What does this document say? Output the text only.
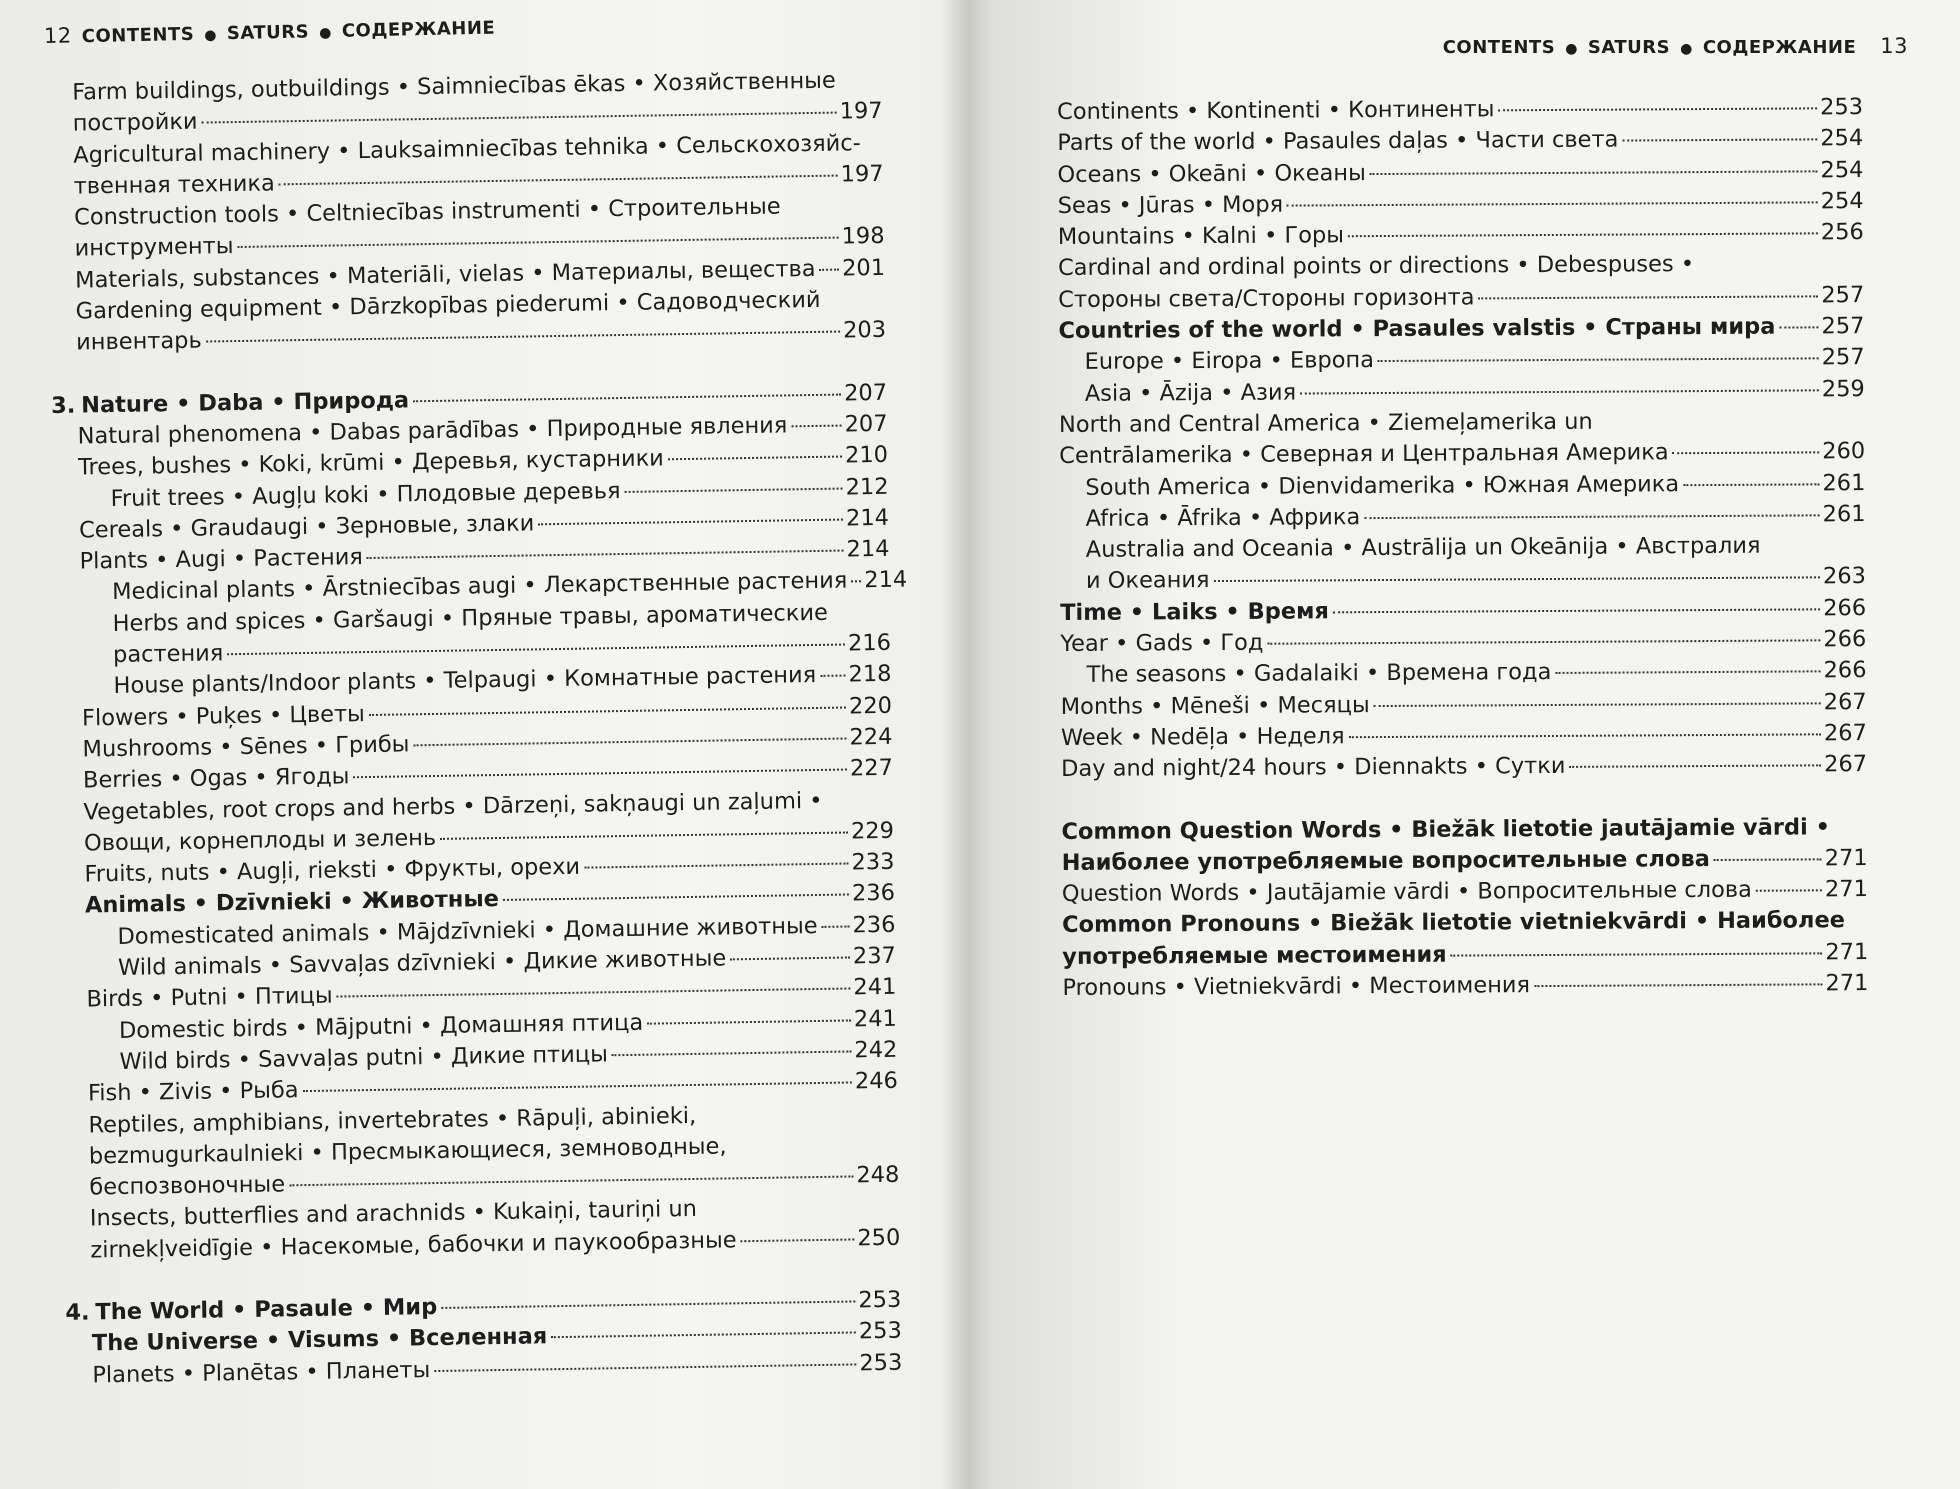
12 CONTENTS ● SATURS ● СОДЕРЖАНИЕ
Farm buildings, outbuildings • Saimniecības ēkas • Хозяйственные
постройки	197
Agricultural machinery • Lauksaimniecības tehnika • Сельскохозяйс-
твенная техника	197
Construction tools • Celtniecības instrumenti • Строительные
инструменты	198
Materials, substances • Materiāli, vielas • Материалы, вещества 201
Gardening equipment • Dārzkopības piederumi • Садоводческий
инвентарь	203
3. Nature • Daba • Природа	207
Natural phenomena • Dabas parādības • Природные явления	207
Trees, bushes • Koki, krūmi • Деревья, кустарники	210
Fruit trees • Augļu koki • Плодовые деревья	212
Cereals • Graudaugi • Зерновые, злаки	214
Plants • Augi • Растения	214
Medicinal plants • Ārstniecības augi • Лекарственные растения 214
Herbs and spices • Garšaugi • Пряные травы, ароматические
растения	216
House plants/Indoor plants • Telpaugi • Комнатные растения 218
Flowers • Puķes • Цветы	220
Mushrooms • Sēnes • Грибы	224
Berries • Ogas • Ягоды	227
Vegetables, root crops and herbs • Dārzeņi, sakņaugi un zaļumi •
Овощи, корнеплоды и зелень	229
Fruits, nuts • Augļi, rieksti • Фрукты, орехи	233
Animals • Dzīvnieki • Животные	236
Domesticated animals • Mājdzīvnieki • Домашние животные 236
Wild animals • Savvaļas dzīvnieki • Дикие животные	237
Birds • Putni • Птицы	241
Domestic birds • Mājputni • Домашняя птица	241
Wild birds • Savvaļas putni • Дикие птицы	242
Fish • Zivis • Рыба	246
Reptiles, amphibians, invertebrates • Rāpuļi, abinieki,
bezmugurkaulnieki • Пресмыкающиеся, земноводные,
беспозвоночные	248
Insects, butterflies and arachnids • Kukaiņi, tauriņi un
zirnekļveidīgie • Насекомые, бабочки и паукообразные	250
4. The World • Pasaule • Мир	253
The Universe • Visums • Вселенная	253
Planets • Planētas • Планеты	253
CONTENTS ● SATURS ● СОДЕРЖАНИЕ 13
Continents • Kontinenti • Континенты	253
Parts of the world • Pasaules daļas • Части света	254
Oceans • Okeāni • Океаны	254
Seas • Jūras • Моря	254
Mountains • Kalni • Горы	256
Cardinal and ordinal points or directions • Debespuses •
Стороны света/Стороны горизонта	257
Countries of the world • Pasaules valstis • Страны мира 257
Europe • Eiropa • Европа	257
Asia • Āzija • Азия	259
North and Central America • Ziemeļamerika un
Centrālamerika • Северная и Центральная Америка	260
South America • Dienvidamerika • Южная Америка	261
Africa • Āfrika • Африка	261
Australia and Oceania • Austrālija un Okeānija • Австралия
и Океания	263
Time • Laiks • Время	266
Year • Gads • Год	266
The seasons • Gadalaiki • Времена года	266
Months • Mēneši • Месяцы	267
Week • Nedēļa • Неделя	267
Day and night/24 hours • Diennakts • Сутки	267
Common Question Words • Biežāk lietotie jautājamie vārdi •
Наиболее употребляемые вопросительные слова	271
Question Words • Jautājamie vārdi • Вопросительные слова	271
Common Pronouns • Biežāk lietotie vietniekvārdi • Наиболее
употребляемые местоимения	271
Pronouns • Vietniekvārdi • Местоимения	271
